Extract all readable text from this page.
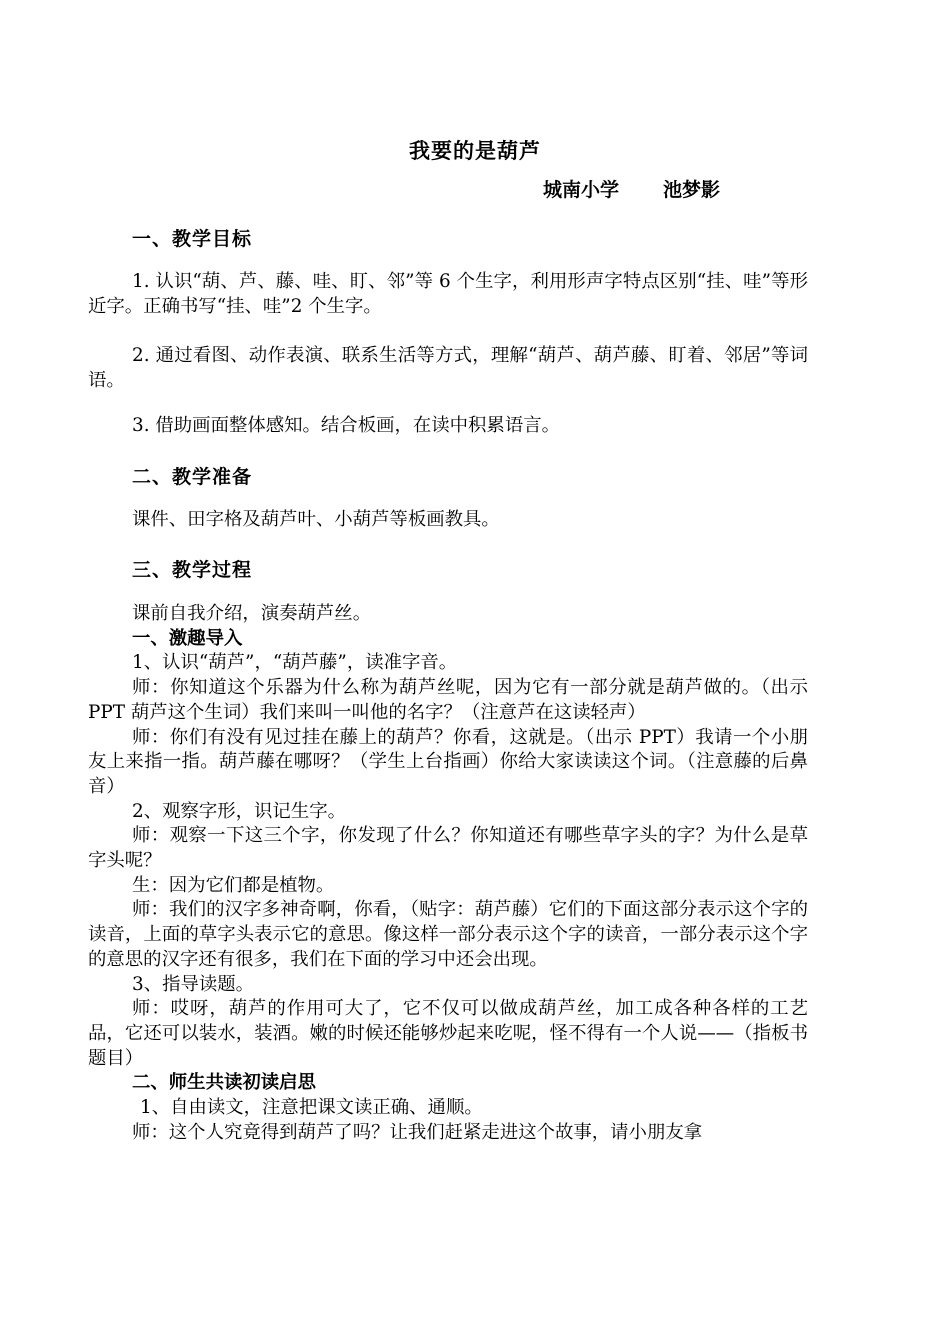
我要的是葫芦
城南小学 池梦影
一、教学目标
1. 认识“葫、芦、藤、哇、盯、邻”等 6 个生字，利用形声字特点区别“挂、哇”等形近字。正确书写“挂、哇”2 个生字。
2. 通过看图、动作表演、联系生活等方式，理解“葫芦、葫芦藤、盯着、邻居”等词语。
3. 借助画面整体感知。结合板画，在读中积累语言。
二、教学准备
课件、田字格及葫芦叶、小葫芦等板画教具。
三、教学过程

课前自我介绍，演奏葫芦丝。

一、激趣导入

1、认识“葫芦”，“葫芦藤”，读准字音。

师：你知道这个乐器为什么称为葫芦丝呢，因为它有一部分就是葫芦做的。（出示 PPT 葫芦这个生词）我们来叫一叫他的名字？（注意芦在这读轻声）

师：你们有没有见过挂在藤上的葫芦？你看，这就是。（出示 PPT）我请一个小朋友上来指一指。葫芦藤在哪呀？（学生上台指画）你给大家读读这个词。（注意藤的后鼻音）

2、观察字形，识记生字。

师：观察一下这三个字，你发现了什么？你知道还有哪些草字头的字？为什么是草字头呢？

生：因为它们都是植物。

师：我们的汉字多神奇啊，你看，（贴字：葫芦藤）它们的下面这部分表示这个字的读音，上面的草字头表示它的意思。像这样一部分表示这个字的读音，一部分表示这个字的意思的汉字还有很多，我们在下面的学习中还会出现。

3、指导读题。

师：哎呀，葫芦的作用可大了，它不仅可以做成葫芦丝，加工成各种各样的工艺品，它还可以装水，装酒。嫩的时候还能够炒起来吃呢，怪不得有一个人说——（指板书题目）

二、师生共读初读启思

1、自由读文，注意把课文读正确、通顺。

师：这个人究竟得到葫芦了吗？让我们赶紧走进这个故事，请小朋友拿
